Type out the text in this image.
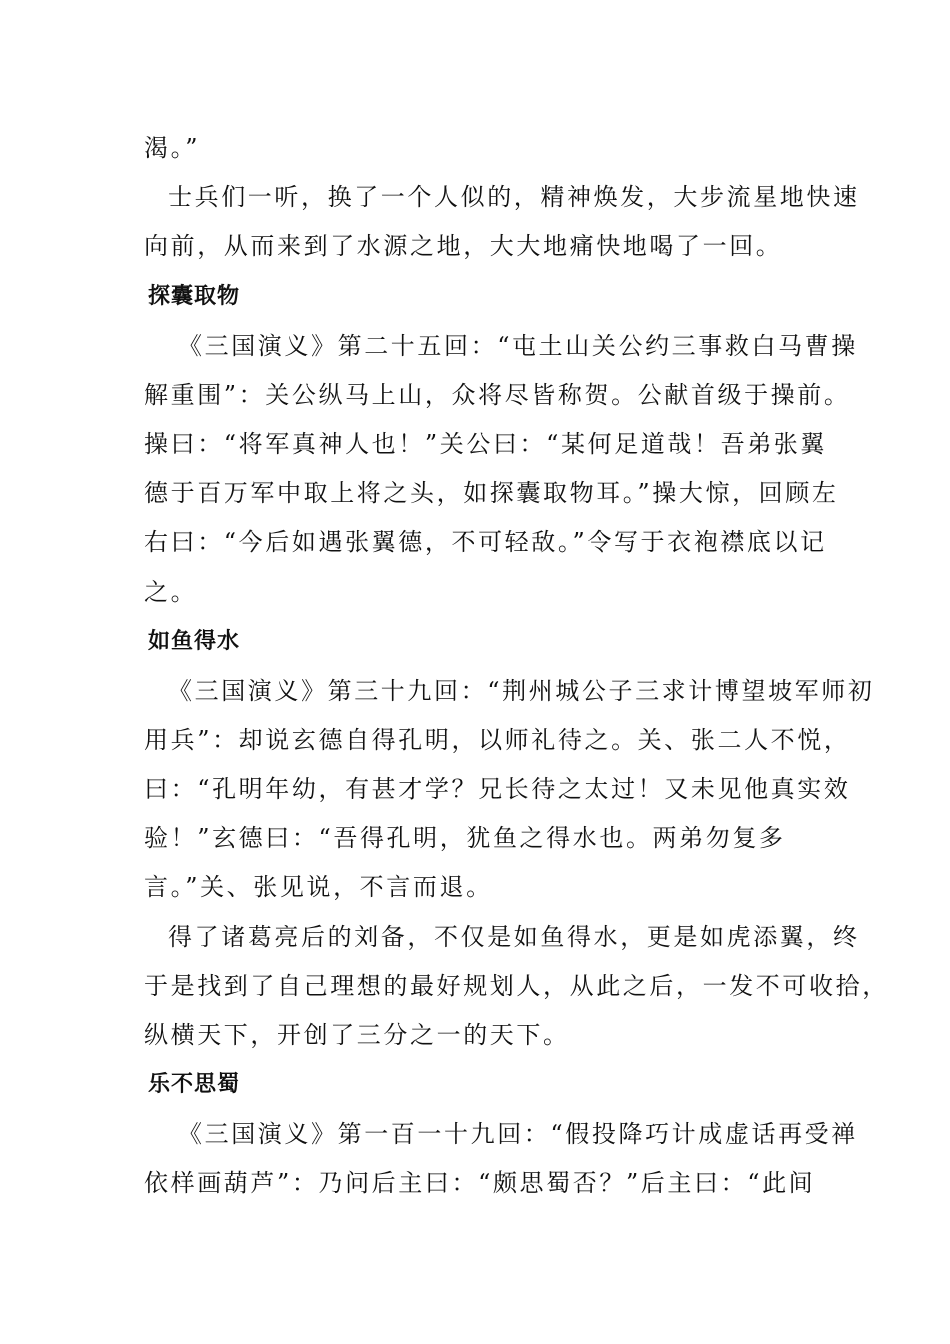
渴。”

士兵们一听，换了一个人似的，精神焕发，大步流星地快速
向前，从而来到了水源之地，大大地痛快地喝了一回。

探囊取物

《三国演义》第二十五回：“屯土山关公约三事救白马曹操
解重围”：关公纵马上山，众将尽皆称贺。公献首级于操前。
操曰：“将军真神人也！”关公曰：“某何足道哉！吾弟张翼
德于百万军中取上将之头，如探囊取物耳。”操大惊，回顾左
右曰：“今后如遇张翼德，不可轻敌。”令写于衣袍襟底以记
之。

如鱼得水

《三国演义》第三十九回：“荆州城公子三求计博望坡军师初
用兵”：却说玄德自得孔明，以师礼待之。关、张二人不悦，
曰：“孔明年幼，有甚才学？兄长待之太过！又未见他真实效
验！”玄德曰：“吾得孔明，犹鱼之得水也。两弟勿复多
言。”关、张见说，不言而退。

得了诸葛亮后的刘备，不仅是如鱼得水，更是如虎添翼，终
于是找到了自己理想的最好规划人，从此之后，一发不可收拾，
纵横天下，开创了三分之一的天下。

乐不思蜀

《三国演义》第一百一十九回：“假投降巧计成虚话再受禅
依样画葫芦”：乃问后主曰：“颇思蜀否？”后主曰：“此间
